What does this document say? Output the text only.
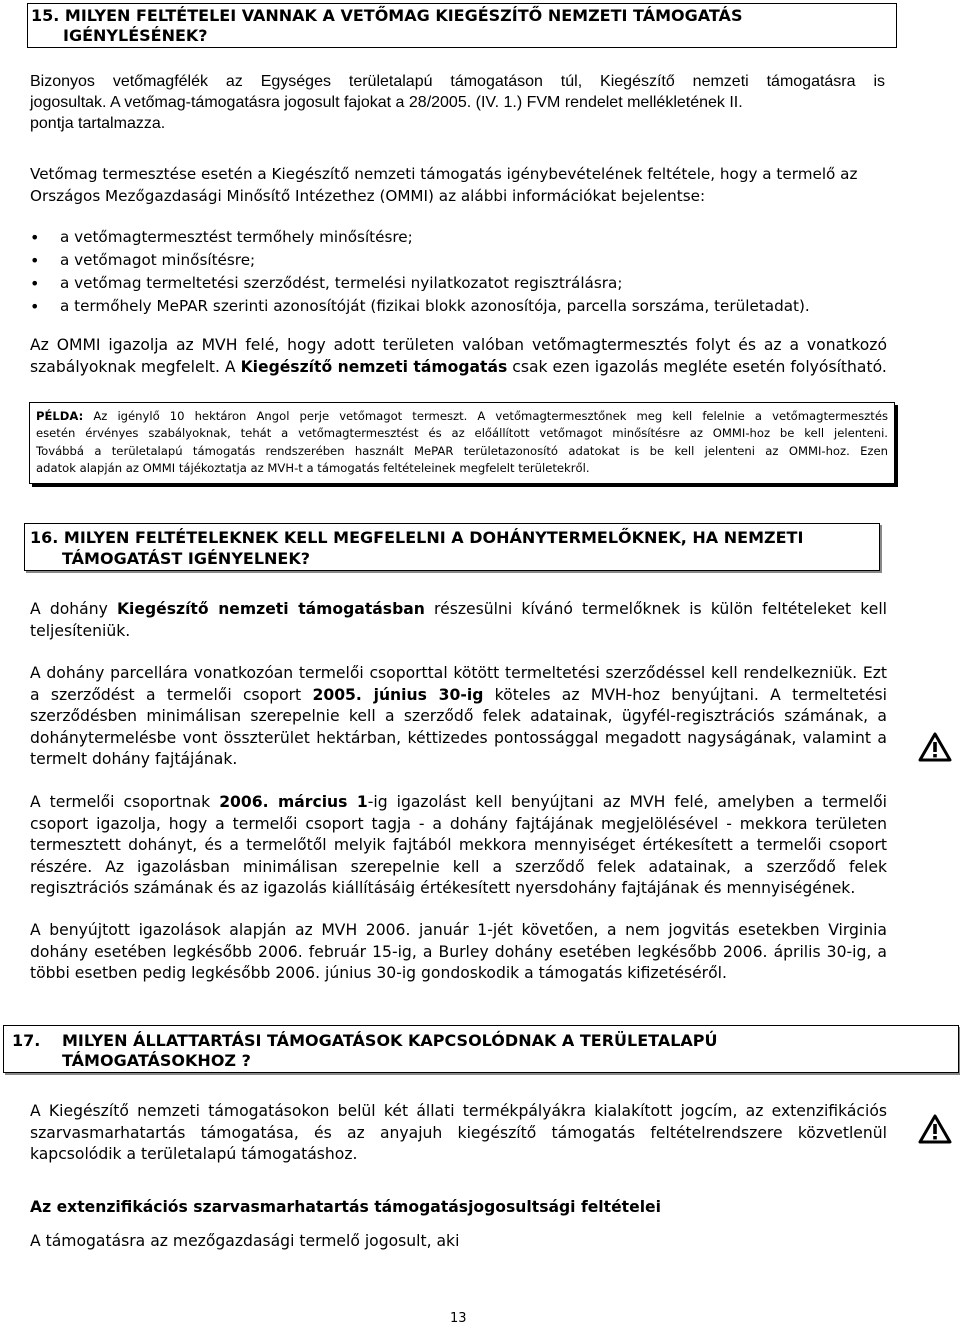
15. MILYEN FELTÉTELEI VANNAK A VETŐMAG KIEGÉSZÍTŐ NEMZETI TÁMOGATÁS
IGÉNYLÉSÉNEK?
Bizonyos vetőmagfélék az Egységes területalapú támogatáson túl, Kiegészítő nemzeti támogatásra is
jogosultak. A vetőmag-támogatásra jogosult fajokat a 28/2005. (IV. 1.) FVM rendelet mellékletének II.
pontja tartalmazza.
Vetőmag termesztése esetén a Kiegészítő nemzeti támogatás igénybevételének feltétele, hogy a termelő az
Országos Mezőgazdasági Minősítő Intézethez (OMMI) az alábbi információkat bejelentse:
• a vetőmagtermesztést termőhely minősítésre;
• a vetőmagot minősítésre;
• a vetőmag termeltetési szerződést, termelési nyilatkozatot regisztrálásra;
• a termőhely MePAR szerinti azonosítóját (fizikai blokk azonosítója, parcella sorszáma, területadat).
Az OMMI igazolja az MVH felé, hogy adott területen valóban vetőmagtermesztés folyt és az a vonatkozó
szabályoknak megfelelt. A Kiegészítő nemzeti támogatás csak ezen igazolás megléte esetén folyósítható.
PÉLDA: Az igénylő 10 hektáron Angol perje vetőmagot termeszt. A vetőmagtermesztőnek meg kell felelnie a vetőmagtermesztés
esetén érvényes szabályoknak, tehát a vetőmagtermesztést és az előállított vetőmagot minősítésre az OMMI-hoz be kell jelenteni.
Továbbá a területalapú támogatás rendszerében használt MePAR területazonosító adatokat is be kell jelenteni az OMMI-hoz. Ezen
adatok alapján az OMMI tájékoztatja az MVH-t a támogatás feltételeinek megfelelt területekről.
16. MILYEN FELTÉTELEKNEK KELL MEGFELELNI A DOHÁNYTERMELŐKNEK, HA NEMZETI
TÁMOGATÁST IGÉNYELNEK?
A dohány Kiegészítő nemzeti támogatásban részesülni kívánó termelőknek is külön feltételeket kell
teljesíteniük.
A dohány parcellára vonatkozóan termelői csoporttal kötött termeltetési szerződéssel kell rendelkezniük. Ezt
a szerződést a termelői csoport 2005. június 30-ig köteles az MVH-hoz benyújtani. A termeltetési
szerződésben minimálisan szerepelnie kell a szerződő felek adatainak, ügyfél-regisztrációs számának, a
dohánytermelésbe vont összterület hektárban, kéttizedes pontossággal megadott nagyságának, valamint a
termelt dohány fajtájának.
A termelői csoportnak 2006. március 1-ig igazolást kell benyújtani az MVH felé, amelyben a termelői
csoport igazolja, hogy a termelői csoport tagja - a dohány fajtájának megjelölésével - mekkora területen
termesztett dohányt, és a termelőtől melyik fajtából mekkora mennyiséget értékesített a termelői csoport
részére. Az igazolásban minimálisan szerepelnie kell a szerződő felek adatainak, a szerződő felek
regisztrációs számának és az igazolás kiállításáig értékesített nyersdohány fajtájának és mennyiségének.
A benyújtott igazolások alapján az MVH 2006. január 1-jét követően, a nem jogvitás esetekben Virginia
dohány esetében legkésőbb 2006. február 15-ig, a Burley dohány esetében legkésőbb 2006. április 30-ig, a
többi esetben pedig legkésőbb 2006. június 30-ig gondoskodik a támogatás kifizetéséről.
17. MILYEN ÁLLATTARTÁSI TÁMOGATÁSOK KAPCSOLÓDNAK A TERÜLETALAPÚ
TÁMOGATÁSOKHOZ ?
A Kiegészítő nemzeti támogatásokon belül két állati termékpályákra kialakított jogcím, az extenzifikációs
szarvasmarhatartás támogatása, és az anyajuh kiegészítő támogatás feltételrendszere közvetlenül
kapcsolódik a területalapú támogatáshoz.
Az extenzifikációs szarvasmarhatartás támogatásjogosultsági feltételei
A támogatásra az mezőgazdasági termelő jogosult, aki
13
